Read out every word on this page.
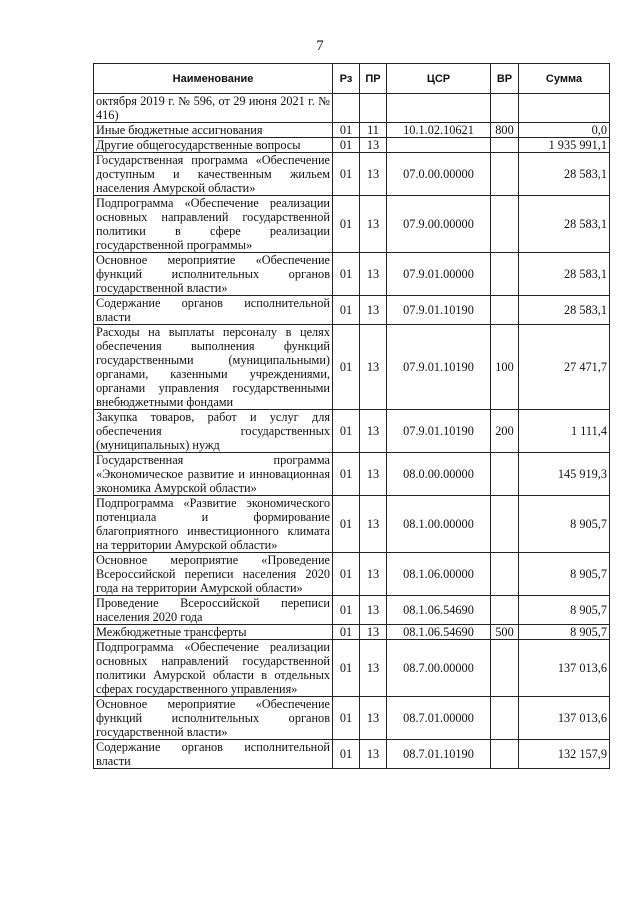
7
Наименование	Рз	ПР	ЦСР	ВР	Сумма
октября 2019 г. № 596, от 29 июня 2021 г. № 416)					
Иные бюджетные ассигнования	01	11	10.1.02.10621	800	0,0
Другие общегосударственные вопросы	01	13			1 935 991,1
Государственная программа «Обеспечение доступным и качественным жильем населения Амурской области»	01	13	07.0.00.00000		28 583,1
Подпрограмма «Обеспечение реализации основных направлений государственной политики в сфере реализации государственной программы»	01	13	07.9.00.00000		28 583,1
Основное мероприятие «Обеспечение функций исполнительных органов государственной власти»	01	13	07.9.01.00000		28 583,1
Содержание органов исполнительной власти	01	13	07.9.01.10190		28 583,1
Расходы на выплаты персоналу в целях обеспечения выполнения функций государственными (муниципальными) органами, казенными учреждениями, органами управления государственными внебюджетными фондами	01	13	07.9.01.10190	100	27 471,7
Закупка товаров, работ и услуг для обеспечения государственных (муниципальных) нужд	01	13	07.9.01.10190	200	1 111,4
Государственная программа «Экономическое развитие и инновационная экономика Амурской области»	01	13	08.0.00.00000		145 919,3
Подпрограмма «Развитие экономического потенциала и формирование благоприятного инвестиционного климата на территории Амурской области»	01	13	08.1.00.00000		8 905,7
Основное мероприятие «Проведение Всероссийской переписи населения 2020 года на территории Амурской области»	01	13	08.1.06.00000		8 905,7
Проведение Всероссийской переписи населения 2020 года	01	13	08.1.06.54690		8 905,7
Межбюджетные трансферты	01	13	08.1.06.54690	500	8 905,7
Подпрограмма «Обеспечение реализации основных направлений государственной политики Амурской области в отдельных сферах государственного управления»	01	13	08.7.00.00000		137 013,6
Основное мероприятие «Обеспечение функций исполнительных органов государственной власти»	01	13	08.7.01.00000		137 013,6
Содержание органов исполнительной власти	01	13	08.7.01.10190		132 157,9
